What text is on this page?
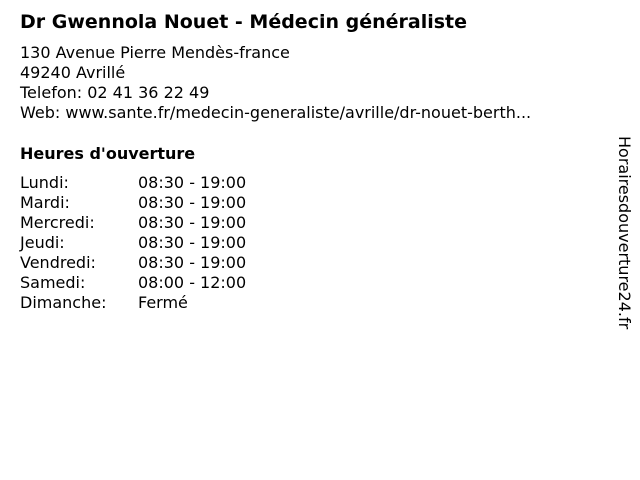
Dr Gwennola Nouet - Médecin généraliste
130 Avenue Pierre Mendès-france
49240 Avrillé
Telefon: 02 41 36 22 49
Web: www.sante.fr/medecin-generaliste/avrille/dr-nouet-berth...
Heures d'ouverture
Lundi:	08:30 - 19:00
Mardi:	08:30 - 19:00
Mercredi:	08:30 - 19:00
Jeudi:	08:30 - 19:00
Vendredi:	08:30 - 19:00
Samedi:	08:00 - 12:00
Dimanche: Fermé	Horairesdouverture24.fr
